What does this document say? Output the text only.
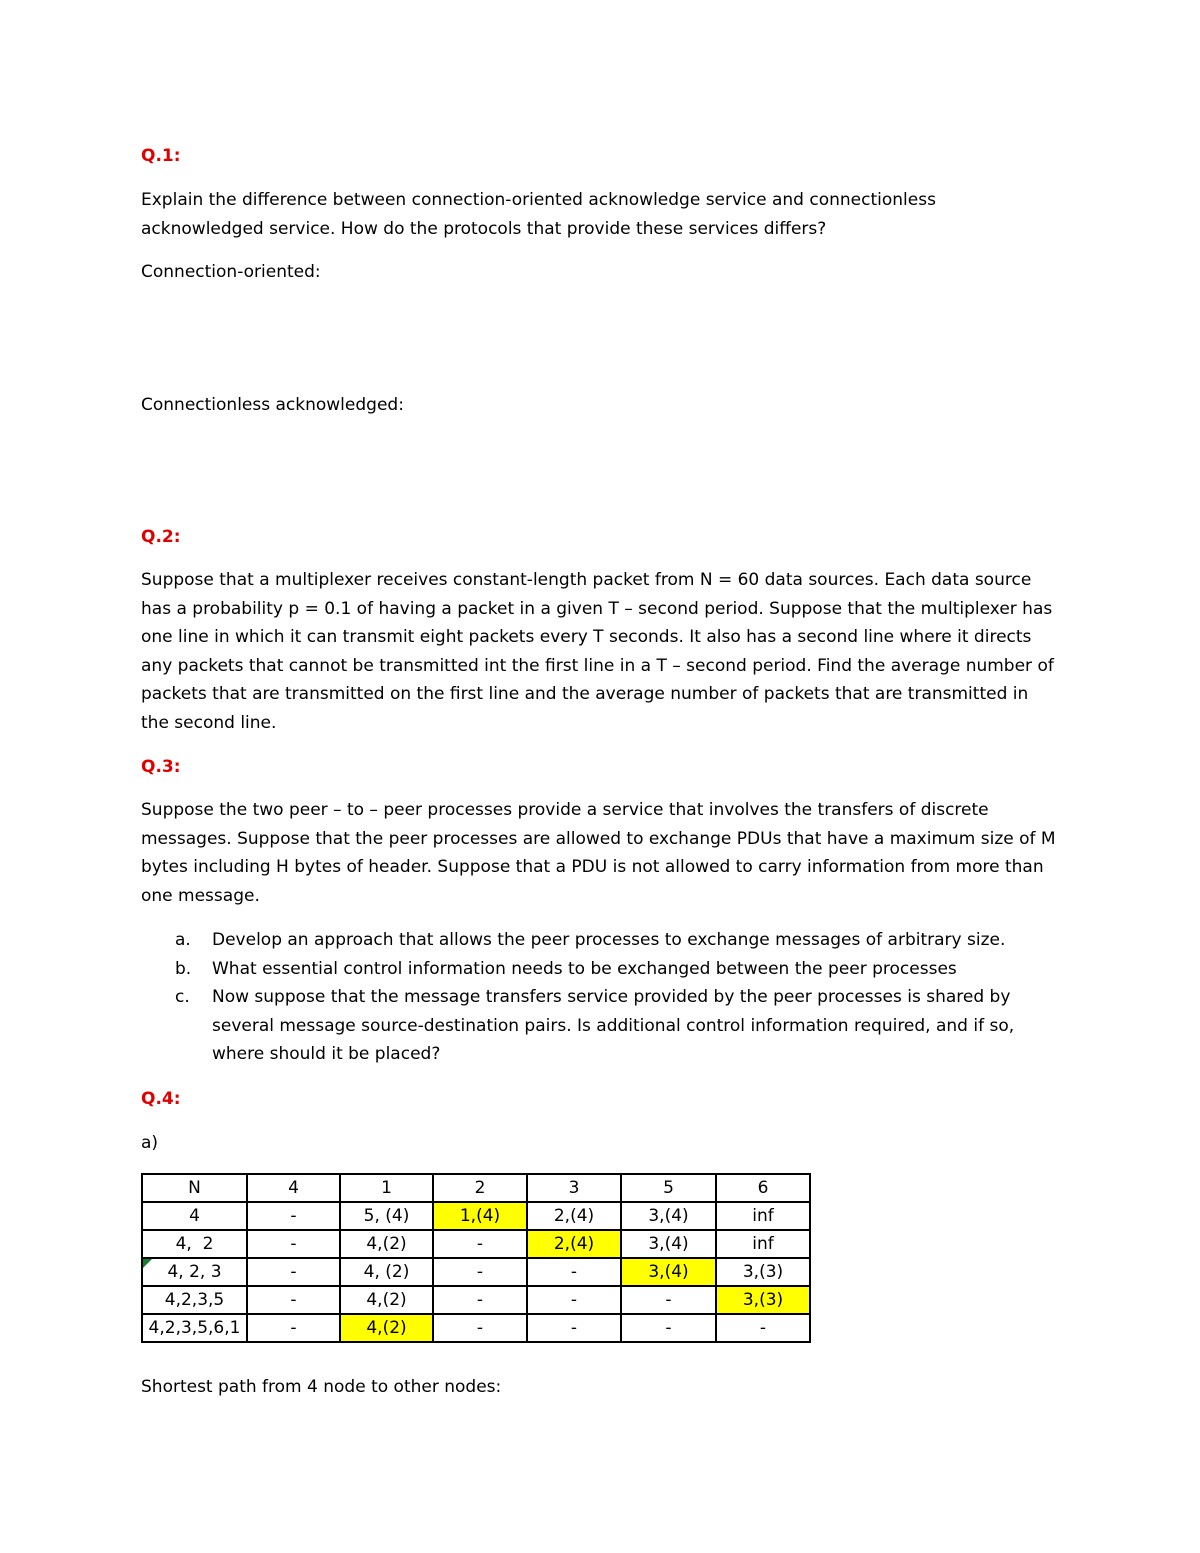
Q.1:

Explain the difference between connection-oriented acknowledge service and connectionless acknowledged service. How do the protocols that provide these services differs?

Connection-oriented:

Connectionless acknowledged:

Q.2:

Suppose that a multiplexer receives constant-length packet from N = 60 data sources. Each data source has a probability p = 0.1 of having a packet in a given T – second period. Suppose that the multiplexer has one line in which it can transmit eight packets every T seconds. It also has a second line where it directs any packets that cannot be transmitted int the first line in a T – second period. Find the average number of packets that are transmitted on the first line and the average number of packets that are transmitted in the second line.

Q.3:

Suppose the two peer – to – peer processes provide a service that involves the transfers of discrete messages. Suppose that the peer processes are allowed to exchange PDUs that have a maximum size of M bytes including H bytes of header. Suppose that a PDU is not allowed to carry information from more than one message.

a. Develop an approach that allows the peer processes to exchange messages of arbitrary size.
b. What essential control information needs to be exchanged between the peer processes
c. Now suppose that the message transfers service provided by the peer processes is shared by several message source-destination pairs. Is additional control information required, and if so, where should it be placed?

Q.4:

a)

N	4	1	2	3	5	6
4	-	5, (4)	1,(4)	2,(4)	3,(4)	inf
4,  2	-	4,(2)	-	2,(4)	3,(4)	inf

4, 2, 3	-	4, (2)	-	-	3,(4)	3,(3)
4,2,3,5	-	4,(2)	-	-	-	3,(3)
4,2,3,5,6,1	-	4,(2)	-	-	-	-

Shortest path from 4 node to other nodes:
